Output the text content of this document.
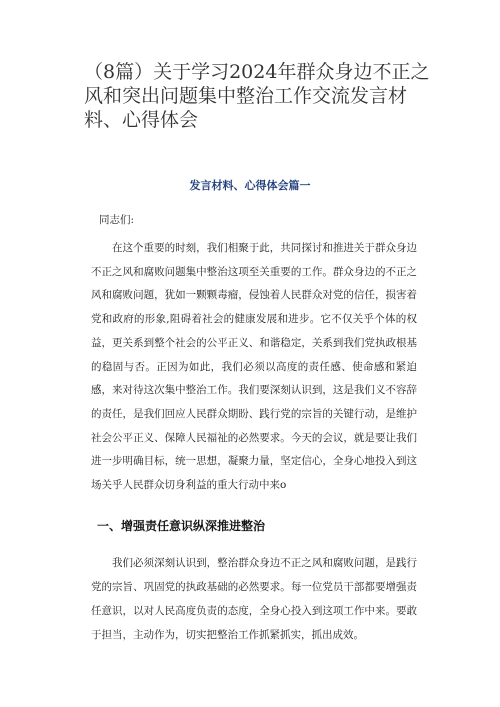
（8篇）关于学习2024年群众身边不正之风和突出问题集中整治工作交流发言材料、心得体会
发言材料、心得体会篇一
同志们:

在这个重要的时刻，我们相聚于此，共同探讨和推进关于群众身边不正之风和腐败问题集中整治这项至关重要的工作。群众身边的不正之风和腐败问题，犹如一颗颗毒瘤，侵蚀着人民群众对党的信任，损害着党和政府的形象,阻碍着社会的健康发展和进步。它不仅关乎个体的权益，更关系到整个社会的公平正义、和谐稳定，关系到我们党执政根基的稳固与否。正因为如此，我们必须以高度的责任感、使命感和紧迫感，来对待这次集中整治工作。我们要深刻认识到，这是我们义不容辞的责任，是我们回应人民群众期盼、践行党的宗旨的关键行动，是维护社会公平正义、保障人民福祉的必然要求。今天的会议，就是要让我们进一步明确目标，统一思想，凝聚力量，坚定信心，全身心地投入到这场关乎人民群众切身利益的重大行动中来o

一、增强责任意识纵深推进整治

我们必须深刻认识到，整治群众身边不正之风和腐败问题，是践行党的宗旨、巩固党的执政基础的必然要求。每一位党员干部都要增强责任意识，以对人民高度负责的态度，全身心投入到这项工作中来。要敢于担当，主动作为，切实把整治工作抓紧抓实，抓出成效。
